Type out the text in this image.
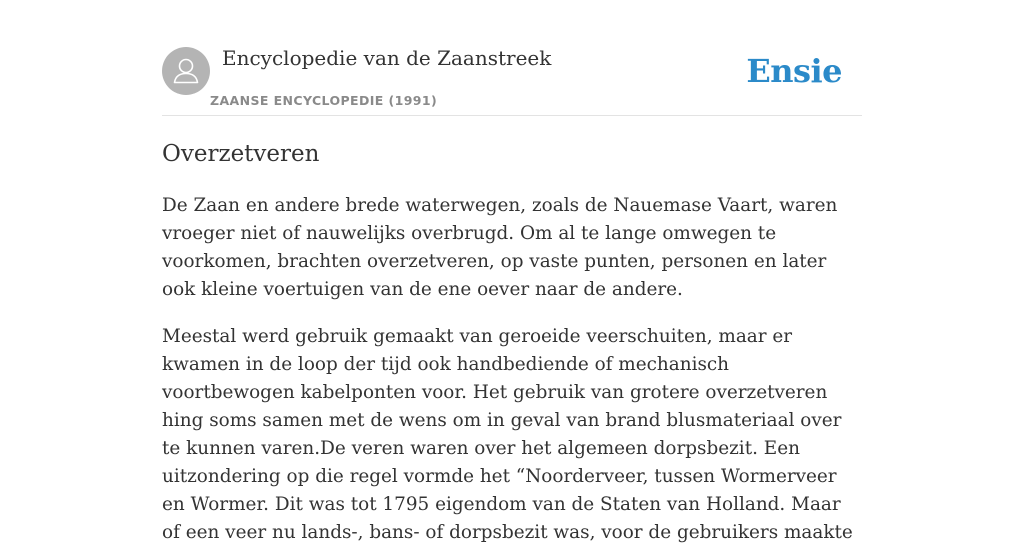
Encyclopedie van de Zaanstreek
ZAANSE ENCYCLOPEDIE (1991)
Ensie
Overzetveren

De Zaan en andere brede waterwegen, zoals de Nauemase Vaart, waren vroeger niet of nauwelijks overbrugd. Om al te lange omwegen te voorkomen, brachten overzetveren, op vaste punten, personen en later ook kleine voertuigen van de ene oever naar de andere.

Meestal werd gebruik gemaakt van geroeide veerschuiten, maar er kwamen in de loop der tijd ook handbediende of mechanisch voortbewogen kabelponten voor. Het gebruik van grotere overzetveren hing soms samen met de wens om in geval van brand blusmateriaal over te kunnen varen.De veren waren over het algemeen dorpsbezit. Een uitzondering op die regel vormde het “Noorderveer, tussen Wormerveer en Wormer. Dit was tot 1795 eigendom van de Staten van Holland. Maar of een veer nu lands-, bans- of dorpsbezit was, voor de gebruikers maakte
